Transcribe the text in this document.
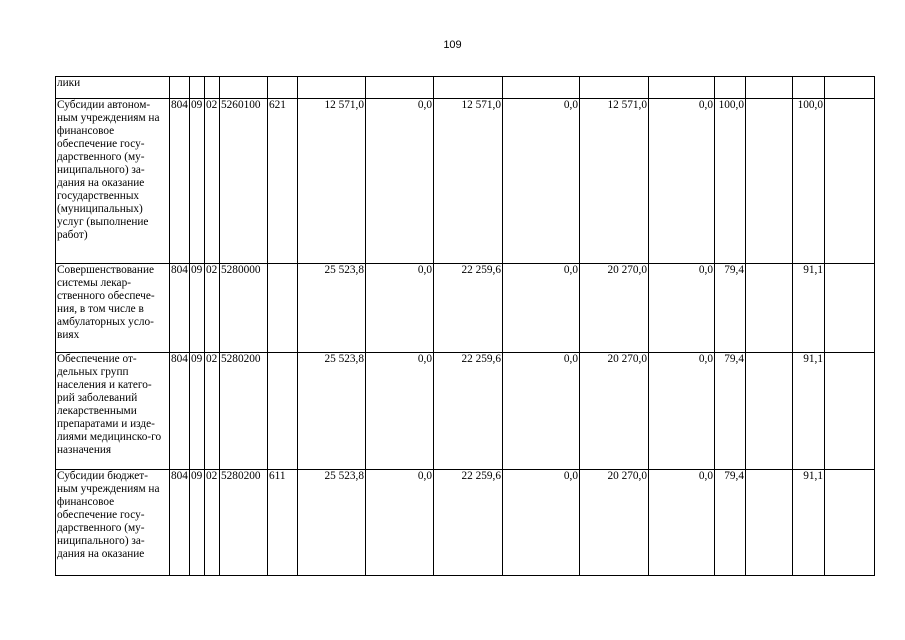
109
лики															
Субсидии автоном-ным учреждениям на финансовое обеспечение госу-дарственного (му-ниципального) за-дания на оказание государственных (муниципальных) услуг (выполнение работ)	804	09	02	5260100	621	12 571,0	0,0	12 571,0	0,0	12 571,0	0,0	100,0		100,0	
Совершенствование системы лекар-ственного обеспече-ния, в том числе в амбулаторных усло-виях	804	09	02	5280000		25 523,8	0,0	22 259,6	0,0	20 270,0	0,0	79,4		91,1	
Обеспечение от-дельных групп населения и катего-рий заболеваний лекарственными препаратами и изде-лиями медицинско-го назначения	804	09	02	5280200		25 523,8	0,0	22 259,6	0,0	20 270,0	0,0	79,4		91,1	
Субсидии бюджет-ным учреждениям на финансовое обеспечение госу-дарственного (му-ниципального) за-дания на оказание	804	09	02	5280200	611	25 523,8	0,0	22 259,6	0,0	20 270,0	0,0	79,4		91,1	
